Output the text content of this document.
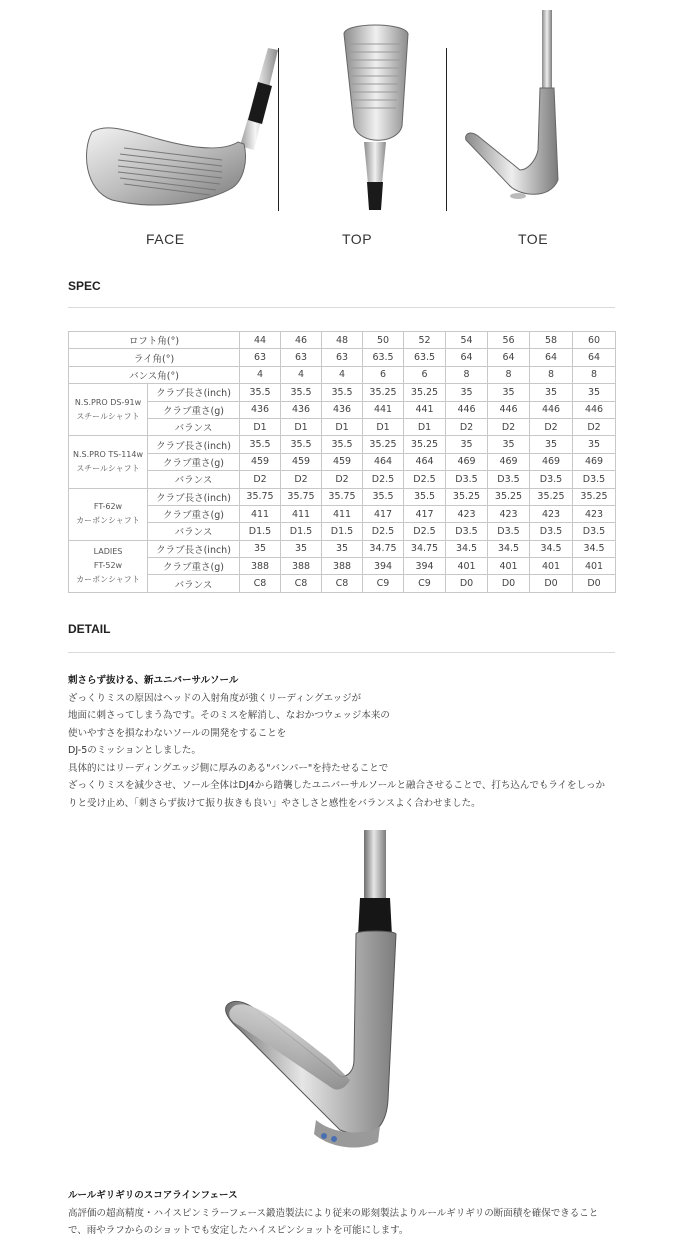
FACE	TOP	TOE
SPEC
ロフト角(°)		44	46	48	50	52	54	56	58	60
ライ角(°)		63	63	63	63.5	63.5	64	64	64	64
バンス角(°)		4	4	4	6	6	8	8	8	8

N.S.PRO DS-91w
スチールシャフト	クラブ長さ(inch)	35.5	35.5	35.5	35.25	35.25	35	35	35	35
	クラブ重さ(g)	436	436	436	441	441	446	446	446	446
	バランス	D1	D1	D1	D1	D1	D2	D2	D2	D2

N.S.PRO TS-114w
スチールシャフト	クラブ長さ(inch)	35.5	35.5	35.5	35.25	35.25	35	35	35	35
	クラブ重さ(g)	459	459	459	464	464	469	469	469	469
	バランス	D2	D2	D2	D2.5	D2.5	D3.5	D3.5	D3.5	D3.5

FT-62w
カーボンシャフト	クラブ長さ(inch)	35.75	35.75	35.75	35.5	35.5	35.25	35.25	35.25	35.25
	クラブ重さ(g)	411	411	411	417	417	423	423	423	423
	バランス	D1.5	D1.5	D1.5	D2.5	D2.5	D3.5	D3.5	D3.5	D3.5

LADIES
FT-52w
カーボンシャフト	クラブ長さ(inch)	35	35	35	34.75	34.75	34.5	34.5	34.5	34.5
	クラブ重さ(g)	388	388	388	394	394	401	401	401	401
	バランス	C8	C8	C8	C9	C9	D0	D0	D0	D0
DETAIL
刺さらず抜ける、新ユニバーサルソール
ざっくりミスの原因はヘッドの入射角度が強くリーディングエッジが
地面に刺さってしまう為です。そのミスを解消し、なおかつウェッジ本来の
使いやすさを損なわないソールの開発をすることを
DJ-5のミッションとしました。
具体的にはリーディングエッジ側に厚みのある"バンパー"を持たせることで
ざっくりミスを減少させ、ソール全体はDJ4から踏襲したユニバーサルソールと融合させることで、打ち込んでもライをしっか
りと受け止め、「刺さらず抜けて振り抜きも良い」やさしさと感性をバランスよく合わせました。
ルールギリギリのスコアラインフェース
高評価の超高精度・ハイスピンミラーフェース鍛造製法により従来の彫刻製法よりルールギリギリの断面積を確保できること
で、雨やラフからのショットでも安定したハイスピンショットを可能にします。
